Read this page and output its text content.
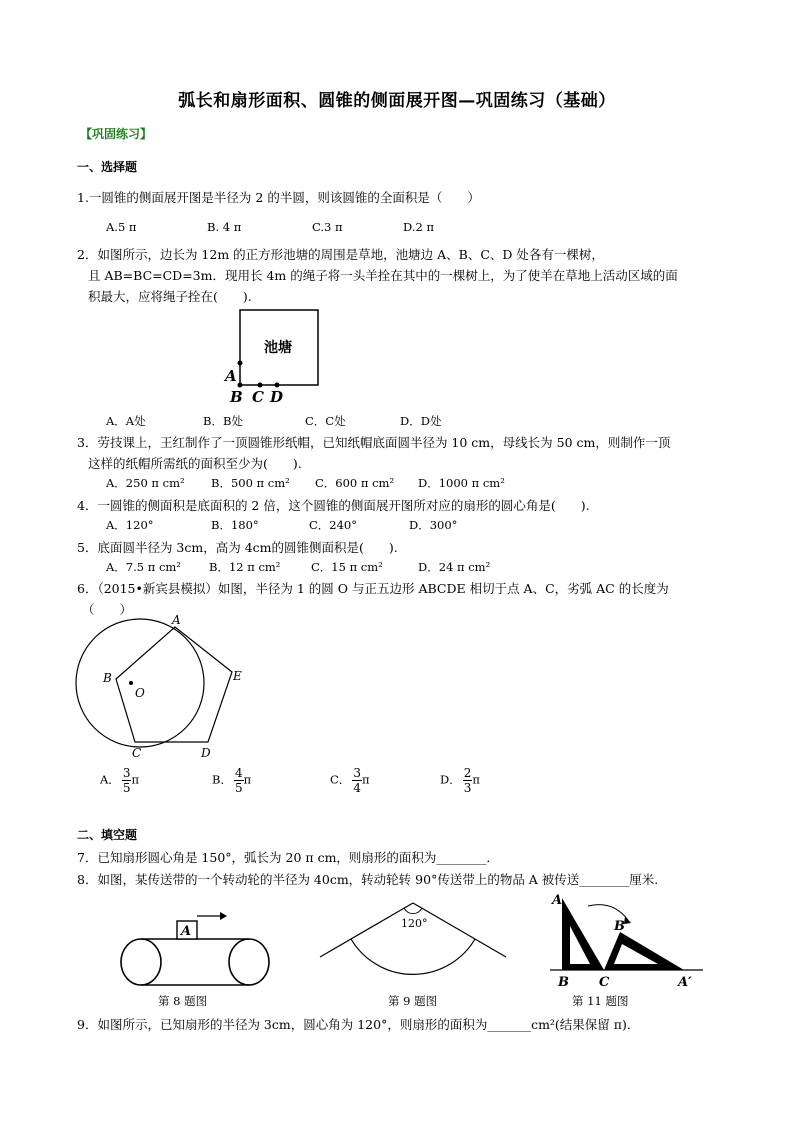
弧长和扇形面积、圆锥的侧面展开图—巩固练习（基础）
【巩固练习】
一、选择题
1.一圆锥的侧面展开图是半径为 2 的半圆，则该圆锥的全面积是（　　）
A.5 π	B. 4 π	C.3 π	D.2 π
2．如图所示，边长为 12m 的正方形池塘的周围是草地，池塘边 A、B、C、D 处各有一棵树，
且 AB=BC=CD=3m．现用长 4m 的绳子将一头羊拴在其中的一棵树上，为了使羊在草地上活动区域的面
积最大，应将绳子拴在(　　).
池塘
A
B C D
A．A处	B．B处	C．C处	D．D处
3．劳技课上，王红制作了一顶圆锥形纸帽，已知纸帽底面圆半径为 10 cm，母线长为 50 cm，则制作一顶
这样的纸帽所需纸的面积至少为(　　).
A．250 π cm² B．500 π cm² C．600 π cm² D．1000 π cm²
4．一圆锥的侧面积是底面积的 2 倍，这个圆锥的侧面展开图所对应的扇形的圆心角是(　　).
A．120°	B．180°	C．240°	D．300°
5．底面圆半径为 3cm，高为 4cm的圆锥侧面积是(　　).
A．7.5 π cm² B．12 π cm²	C．15 π cm²	D．24 π cm²
6．（2015•新宾县模拟）如图，半径为 1 的圆 O 与正五边形 ABCDE 相切于点 A、C，劣弧 AC 的长度为
（　　）
A
B
C	D
E
O
A． $\frac{3}{5}$ π	B． $\frac{4}{5}$ π	C． $\frac{3}{4}$ π	D． $\frac{2}{3}$ π
二、填空题
7．已知扇形圆心角是 150°，弧长为 20 π cm，则扇形的面积为________．
8．如图，某传送带的一个转动轮的半径为 40cm，转动轮转 90°传送带上的物品 A 被传送________厘米.
A
第 8 题图
120°
第 9 题图
A
B C
B′
A′
第 11 题图
9．如图所示，已知扇形的半径为 3cm，圆心角为 120°，则扇形的面积为_______cm²(结果保留 π)．
